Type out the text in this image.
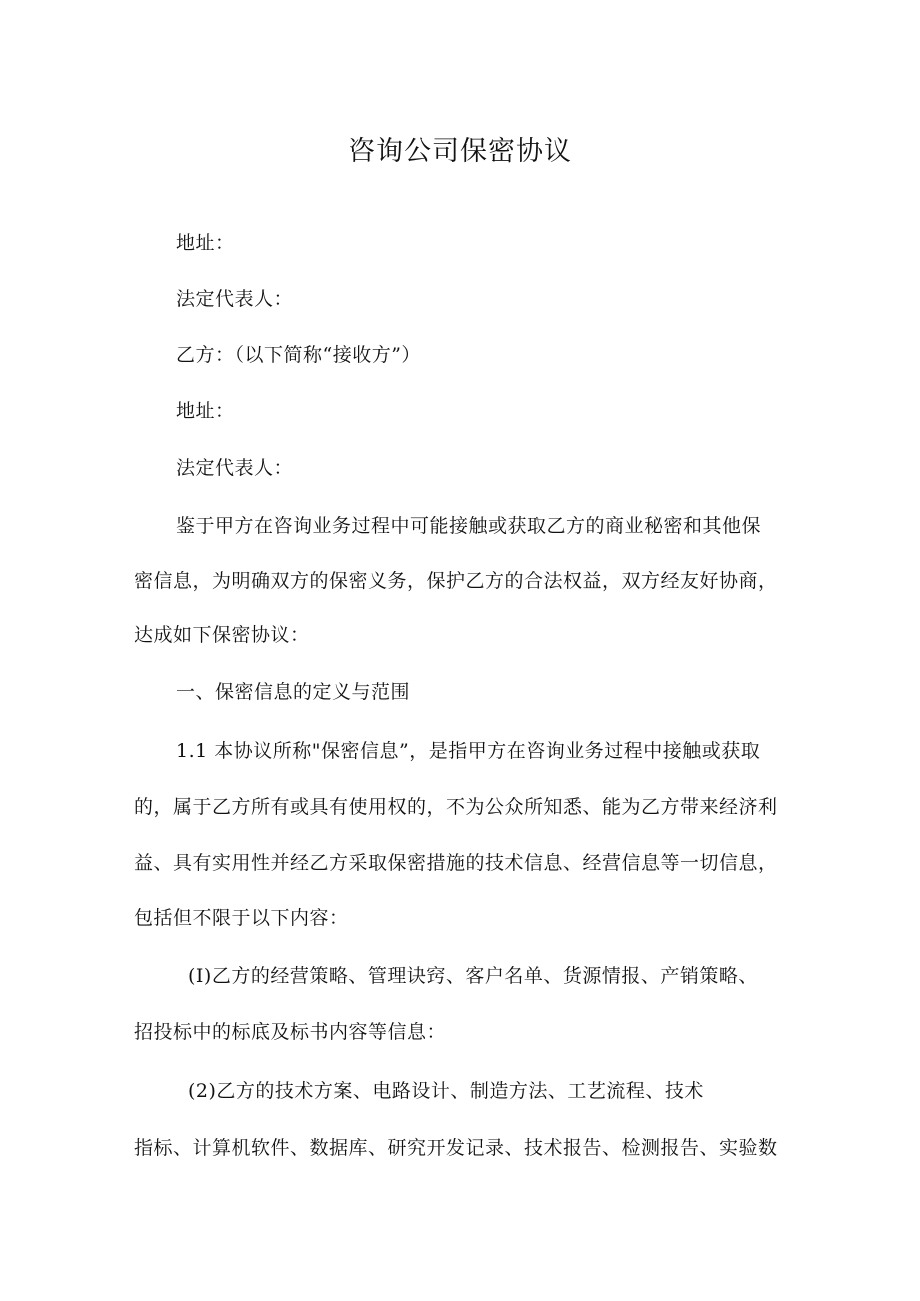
咨询公司保密协议

地址：

法定代表人：

乙方：（以下简称“接收方”）

地址：

法定代表人：

鉴于甲方在咨询业务过程中可能接触或获取乙方的商业秘密和其他保

密信息，为明确双方的保密义务，保护乙方的合法权益，双方经友好协商，

达成如下保密协议：

一、保密信息的定义与范围

1.1 本协议所称"保密信息”，是指甲方在咨询业务过程中接触或获取

的，属于乙方所有或具有使用权的，不为公众所知悉、能为乙方带来经济利

益、具有实用性并经乙方采取保密措施的技术信息、经营信息等一切信息，

包括但不限于以下内容：

(I)乙方的经营策略、管理诀窍、客户名单、货源情报、产销策略、

招投标中的标底及标书内容等信息：

(2)乙方的技术方案、电路设计、制造方法、工艺流程、技术

指标、计算机软件、数据库、研究开发记录、技术报告、检测报告、实验数
